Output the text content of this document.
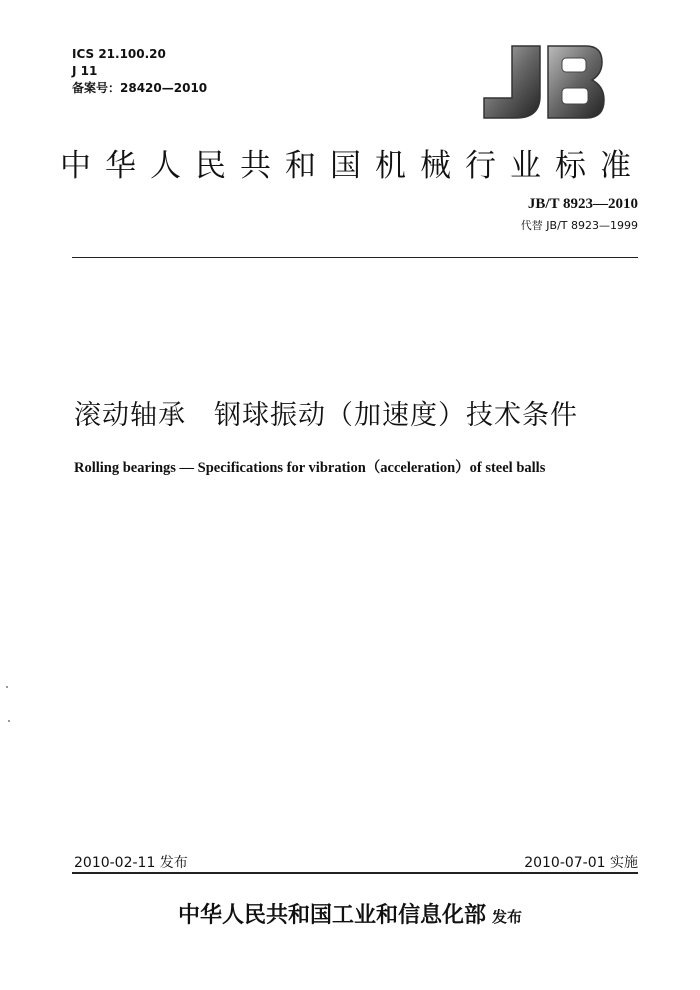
ICS 21.100.20
J 11
备案号：28420—2010
中华人民共和国机械行业标准
JB/T 8923—2010
代替 JB/T 8923—1999
滚动轴承　钢球振动（加速度）技术条件
Rolling bearings — Specifications for vibration（acceleration）of steel balls
2010-02-11 发布	2010-07-01 实施
中华人民共和国工业和信息化部 发布
